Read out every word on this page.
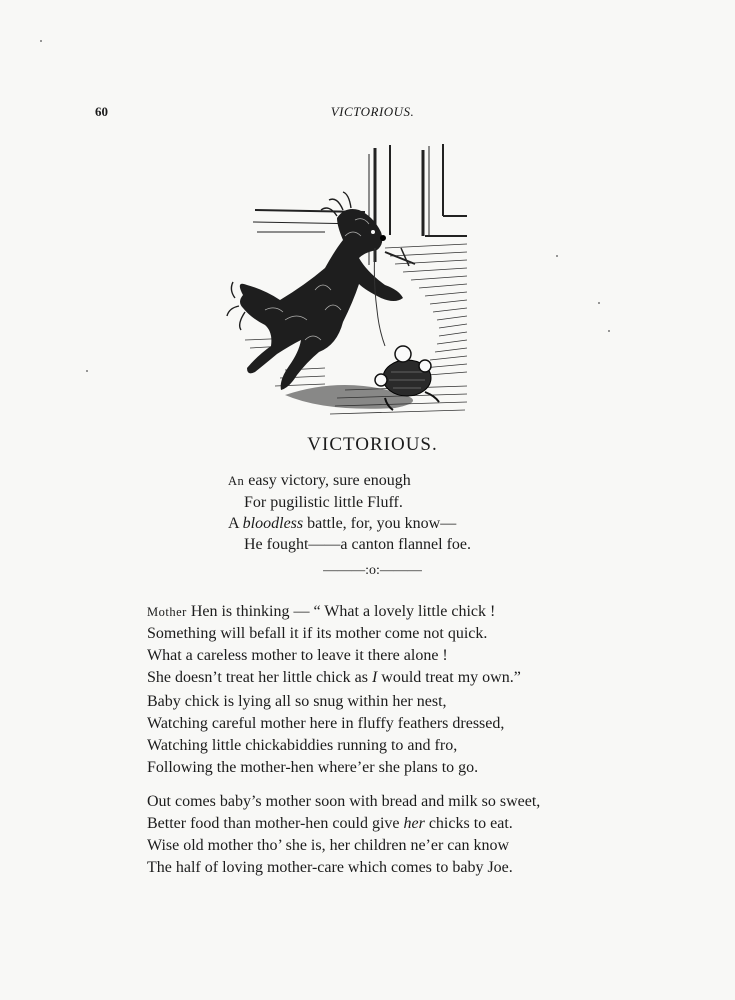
60	VICTORIOUS.
VICTORIOUS.
An easy victory, sure enough
For pugilistic little Fluff.
A bloodless battle, for, you know—
He fought——a canton flannel foe.
———:o:———
Mother Hen is thinking — “ What a lovely little chick !
Something will befall it if its mother come not quick.
What a careless mother to leave it there alone !
She doesn’t treat her little chick as I would treat my own.”
Baby chick is lying all so snug within her nest,
Watching careful mother here in fluffy feathers dressed,
Watching little chickabiddies running to and fro,
Following the mother-hen where’er she plans to go.
Out comes baby’s mother soon with bread and milk so sweet,
Better food than mother-hen could give her chicks to eat.
Wise old mother tho’ she is, her children ne’er can know
The half of loving mother-care which comes to baby Joe.
